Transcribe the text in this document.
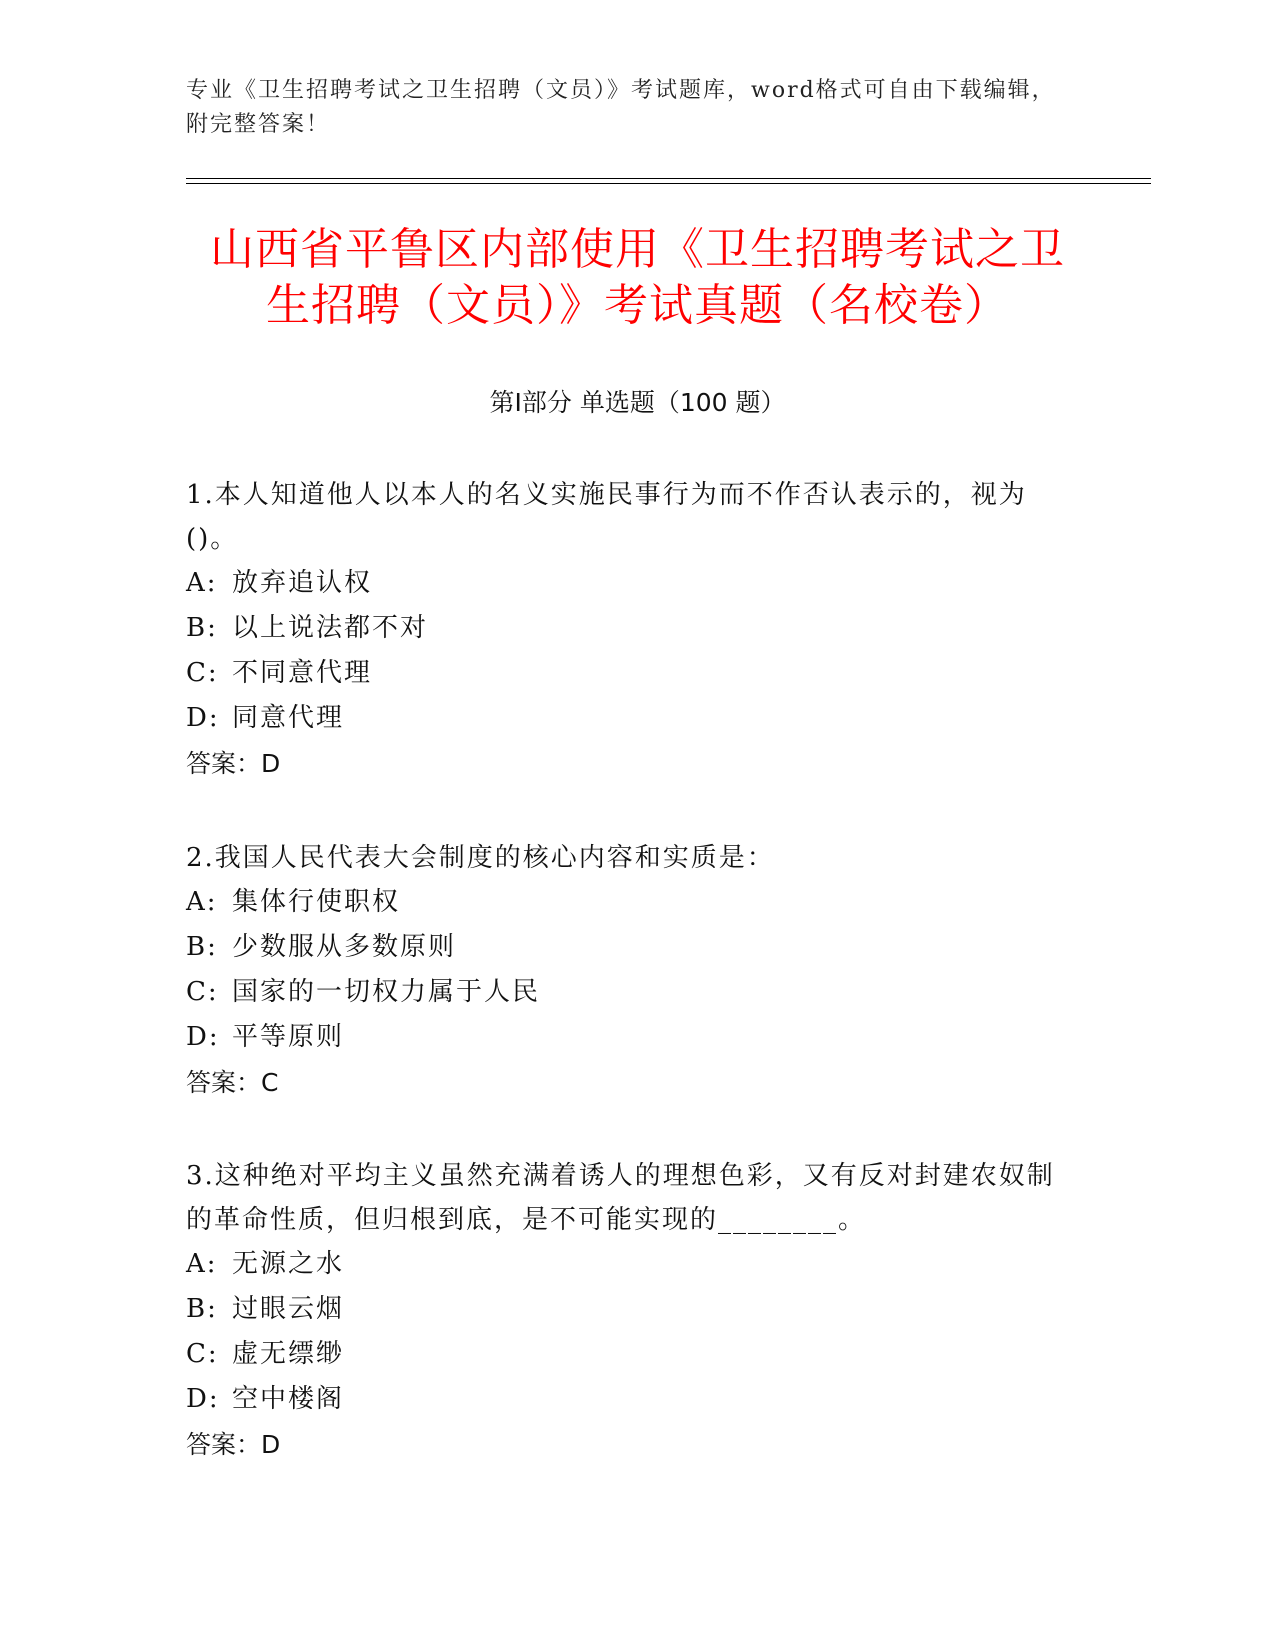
专业《卫生招聘考试之卫生招聘（文员）》考试题库，word格式可自由下载编辑，附完整答案！
山西省平鲁区内部使用《卫生招聘考试之卫
生招聘（文员）》考试真题（名校卷）
第Ⅰ部分 单选题（100 题）
1.本人知道他人以本人的名义实施民事行为而不作否认表示的，视为()。
A: 放弃追认权
B: 以上说法都不对
C: 不同意代理
D: 同意代理
答案：D
2.我国人民代表大会制度的核心内容和实质是：
A: 集体行使职权
B: 少数服从多数原则
C: 国家的一切权力属于人民
D: 平等原则
答案：C
3.这种绝对平均主义虽然充满着诱人的理想色彩，又有反对封建农奴制的革命性质，但归根到底，是不可能实现的________。
A: 无源之水
B: 过眼云烟
C: 虚无缥缈
D: 空中楼阁
答案：D
